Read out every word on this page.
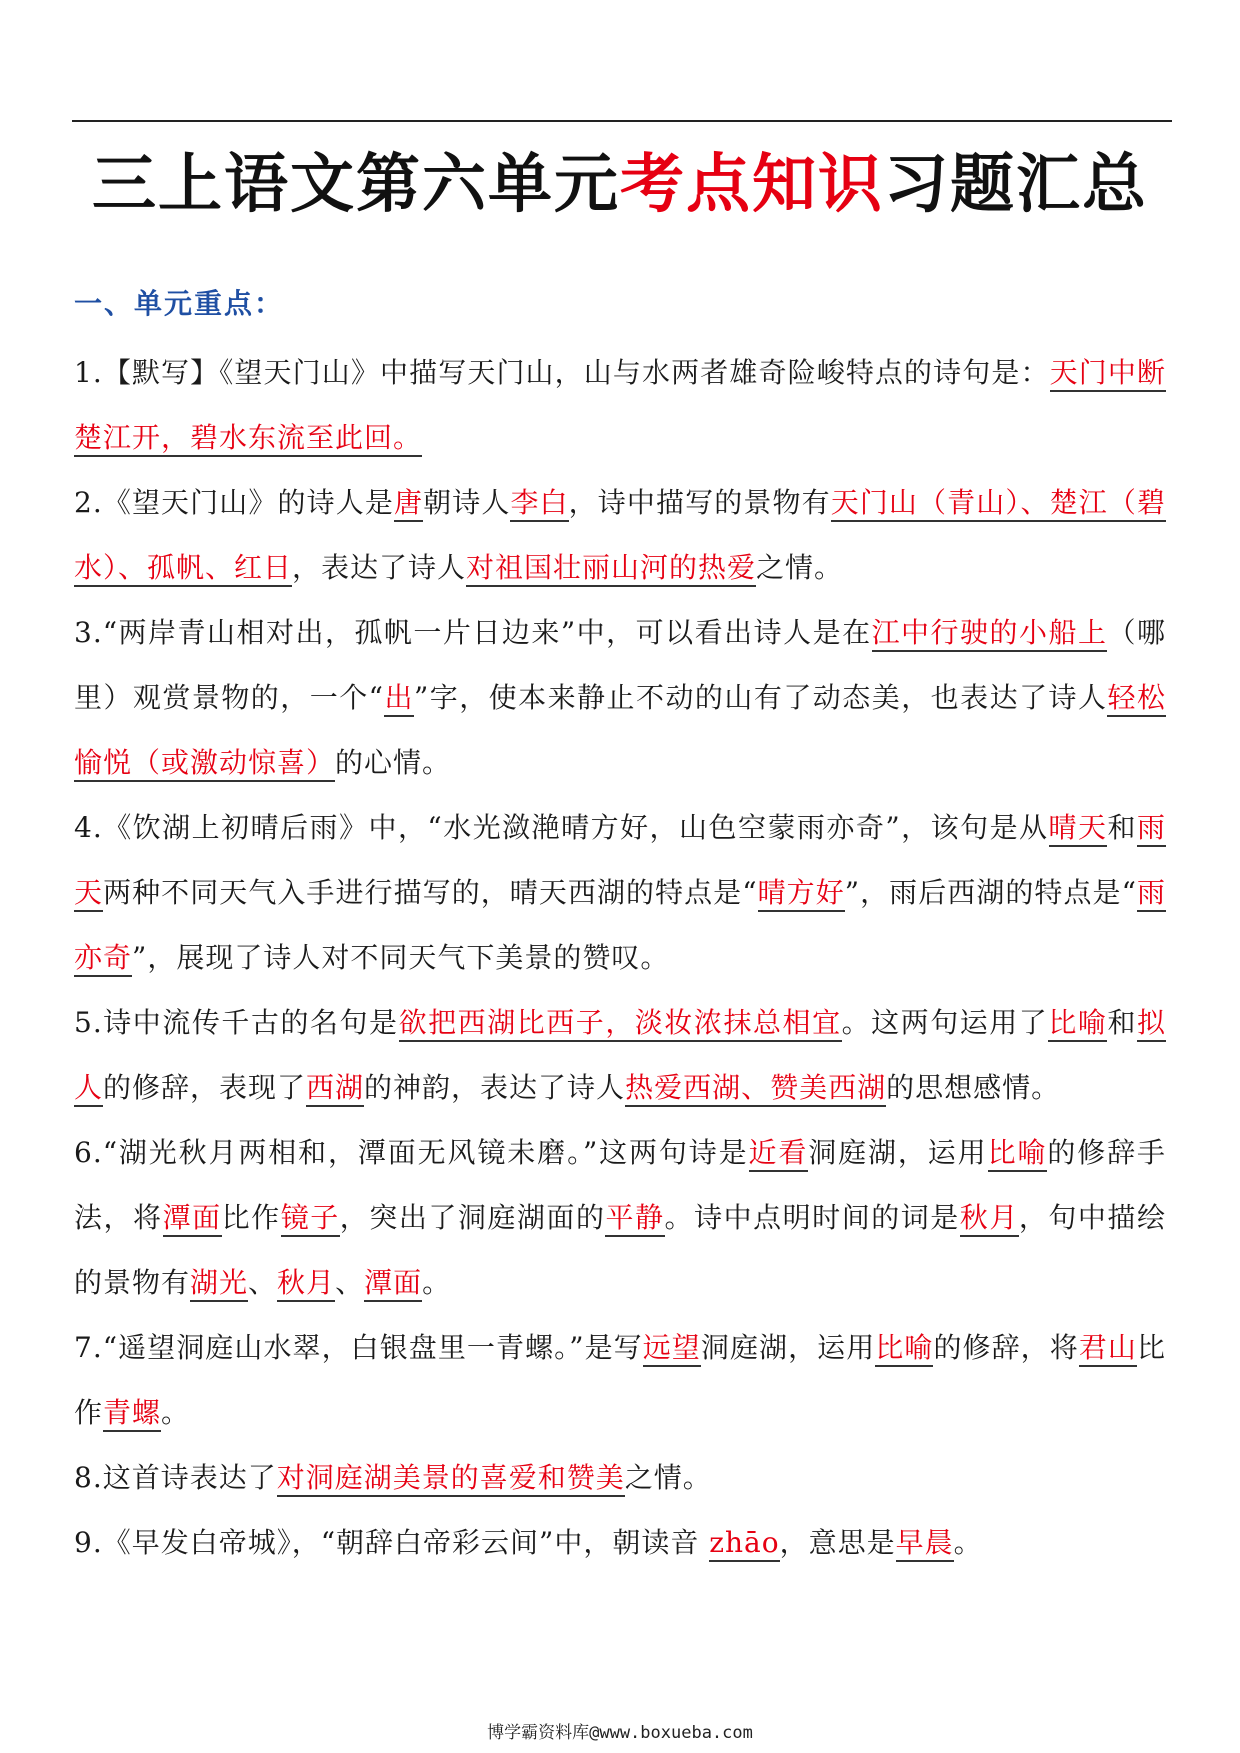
三上语文第六单元考点知识习题汇总
一、单元重点：
1.【默写】《望天门山》中描写天门山，山与水两者雄奇险峻特点的诗句是：天门中断楚江开，碧水东流至此回。
2.《望天门山》的诗人是唐朝诗人李白，诗中描写的景物有天门山（青山）、楚江（碧水）、孤帆、红日，表达了诗人对祖国壮丽山河的热爱之情。
3.“两岸青山相对出，孤帆一片日边来”中，可以看出诗人是在江中行驶的小船上（哪里）观赏景物的，一个“出”字，使本来静止不动的山有了动态美，也表达了诗人轻松愉悦（或激动惊喜）的心情。
4.《饮湖上初晴后雨》中，“水光潋滟晴方好，山色空蒙雨亦奇”，该句是从晴天和雨天两种不同天气入手进行描写的，晴天西湖的特点是“晴方好”，雨后西湖的特点是“雨亦奇”，展现了诗人对不同天气下美景的赞叹。
5.诗中流传千古的名句是欲把西湖比西子，淡妆浓抹总相宜。这两句运用了比喻和拟人的修辞，表现了西湖的神韵，表达了诗人热爱西湖、赞美西湖的思想感情。
6.“湖光秋月两相和，潭面无风镜未磨。”这两句诗是近看洞庭湖，运用比喻的修辞手法，将潭面比作镜子，突出了洞庭湖面的平静。诗中点明时间的词是秋月，句中描绘的景物有湖光、秋月、潭面。
7.“遥望洞庭山水翠，白银盘里一青螺。”是写远望洞庭湖，运用比喻的修辞，将君山比作青螺。
8.这首诗表达了对洞庭湖美景的喜爱和赞美之情。
9.《早发白帝城》，“朝辞白帝彩云间”中，朝读音 zhāo，意思是早晨。
博学霸资料库@www.boxueba.com
